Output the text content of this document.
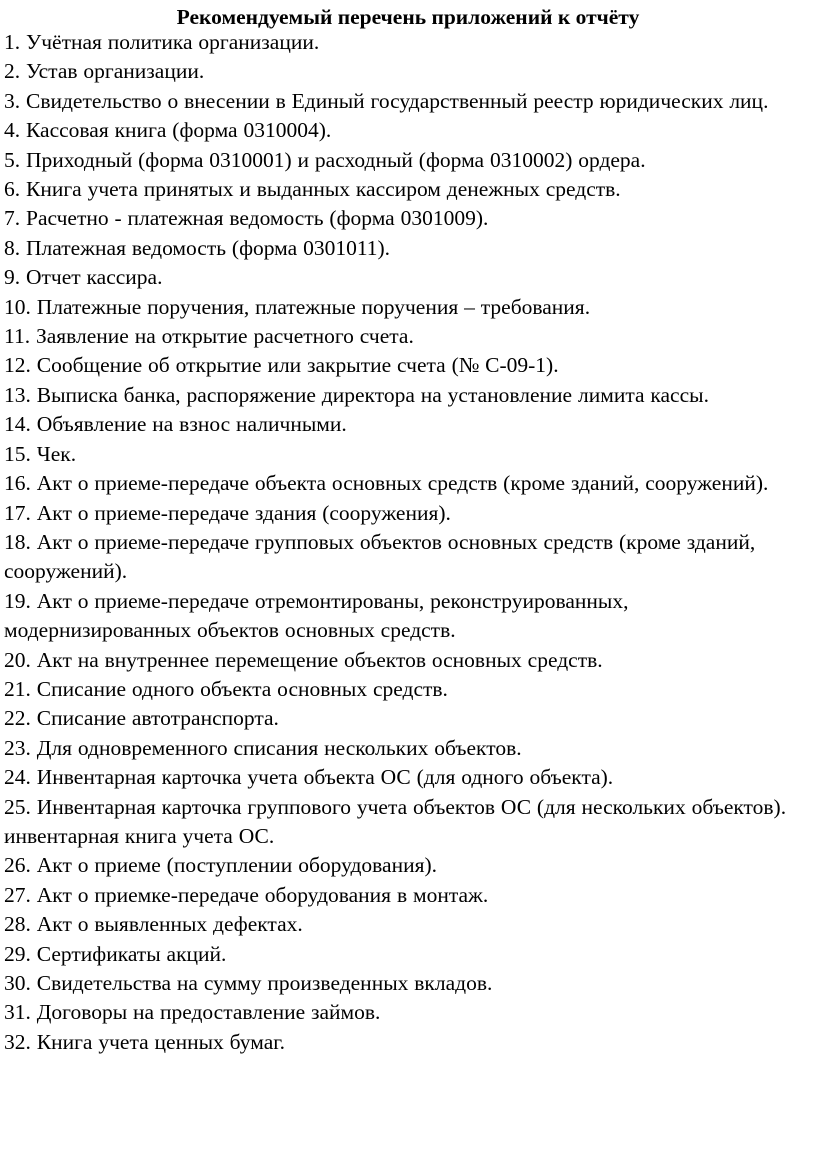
Рекомендуемый перечень приложений к отчёту
1. Учётная политика организации.
2. Устав организации.
3. Свидетельство о внесении в Единый государственный реестр юридических лиц.
4. Кассовая книга (форма 0310004).
5. Приходный (форма 0310001) и расходный (форма 0310002) ордера.
6. Книга учета принятых и выданных кассиром денежных средств.
7. Расчетно - платежная ведомость (форма 0301009).
8. Платежная ведомость (форма 0301011).
9. Отчет кассира.
10. Платежные поручения, платежные поручения – требования.
11. Заявление на открытие расчетного счета.
12. Сообщение об открытие или закрытие счета (№ С-09-1).
13. Выписка банка, распоряжение директора на установление лимита кассы.
14. Объявление на взнос наличными.
15. Чек.
16. Акт о приеме-передаче объекта основных средств (кроме зданий, сооружений).
17. Акт о приеме-передаче здания (сооружения).
18. Акт о приеме-передаче групповых объектов основных средств (кроме зданий, сооружений).
19. Акт о приеме-передаче отремонтированы, реконструированных, модернизированных объектов основных средств.
20. Акт на внутреннее перемещение объектов основных средств.
21. Списание одного объекта основных средств.
22. Списание автотранспорта.
23. Для одновременного списания нескольких объектов.
24. Инвентарная карточка учета объекта ОС (для одного объекта).
25. Инвентарная карточка группового учета объектов ОС (для нескольких объектов). инвентарная книга учета ОС.
26. Акт о приеме (поступлении оборудования).
27. Акт о приемке-передаче оборудования в монтаж.
28. Акт о выявленных дефектах.
29. Сертификаты акций.
30. Свидетельства на сумму произведенных вкладов.
31. Договоры на предоставление займов.
32. Книга учета ценных бумаг.
